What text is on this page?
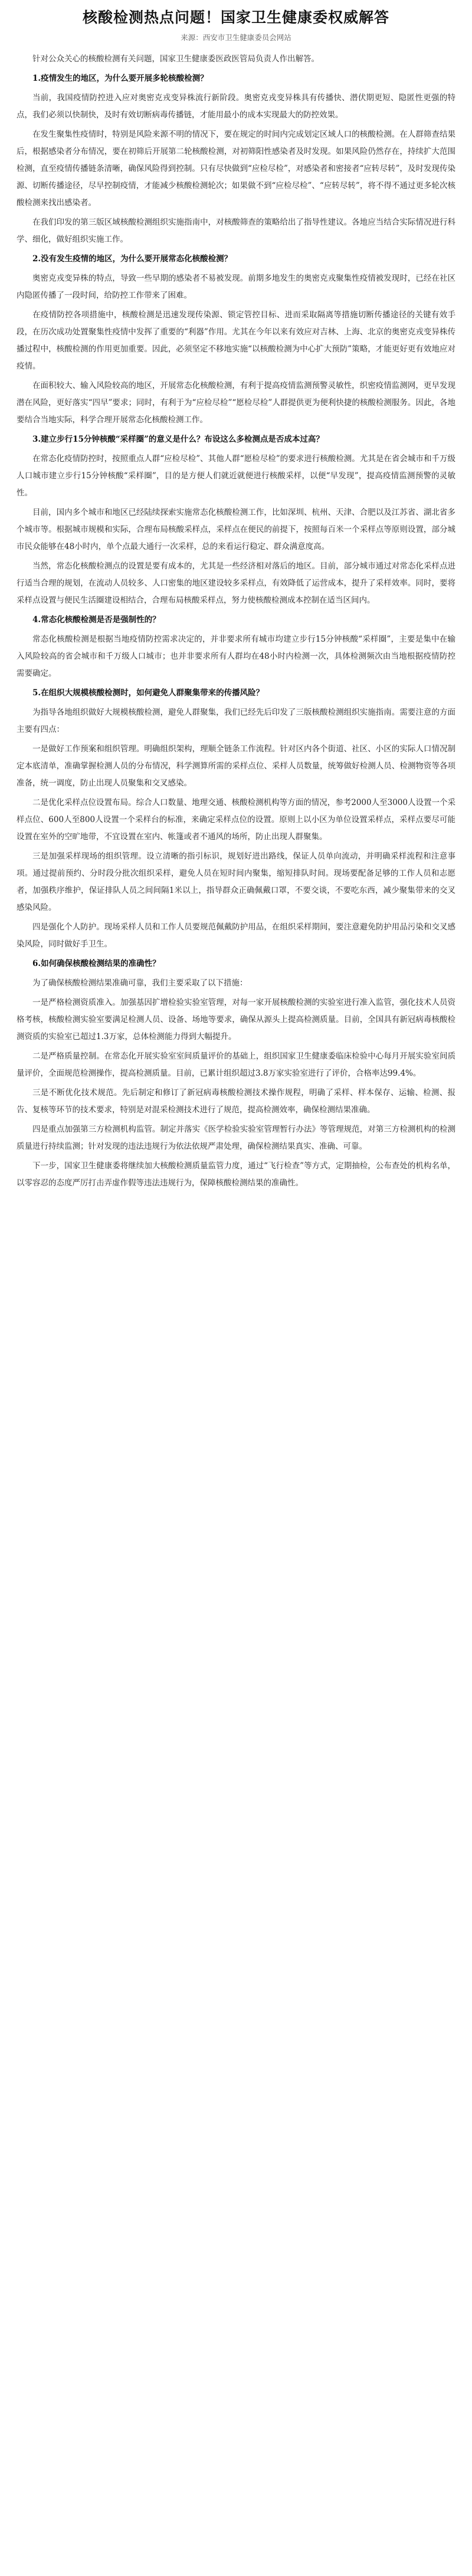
核酸检测热点问题！国家卫生健康委权威解答
来源：西安市卫生健康委员会网站

针对公众关心的核酸检测有关问题，国家卫生健康委医政医管局负责人作出解答。

1.疫情发生的地区，为什么要开展多轮核酸检测？

当前，我国疫情防控进入应对奥密克戎变异株流行新阶段。奥密克戎变异株具有传播快、潜伏期更短、隐匿性更强的特点，我们必须以快制快，及时有效切断病毒传播链，才能用最小的成本实现最大的防控效果。

在发生聚集性疫情时，特别是风险来源不明的情况下，要在规定的时间内完成划定区域人口的核酸检测。在人群筛查结果后，根据感染者分布情况，要在初筛后开展第二轮核酸检测，对初筛阳性感染者及时发现。如果风险仍然存在，持续扩大范围检测，直至疫情传播链条清晰，确保风险得到控制。只有尽快做到“应检尽检”，对感染者和密接者“应转尽转”，及时发现传染源、切断传播途径，尽早控制疫情，才能减少核酸检测轮次；如果做不到“应检尽检”、“应转尽转”，将不得不通过更多轮次核酸检测来找出感染者。

在我们印发的第三版区域核酸检测组织实施指南中，对核酸筛查的策略给出了指导性建议。各地应当结合实际情况进行科学、细化，做好组织实施工作。

2.没有发生疫情的地区，为什么要开展常态化核酸检测？

奥密克戎变异株的特点，导致一些早期的感染者不易被发现。前期多地发生的奥密克戎聚集性疫情被发现时，已经在社区内隐匿传播了一段时间，给防控工作带来了困难。

在疫情防控各项措施中，核酸检测是迅速发现传染源、锁定管控目标、进而采取隔离等措施切断传播途径的关键有效手段，在历次成功处置聚集性疫情中发挥了重要的“利器”作用。尤其在今年以来有效应对吉林、上海、北京的奥密克戎变异株传播过程中，核酸检测的作用更加重要。因此，必须坚定不移地实施“以核酸检测为中心扩大预防”策略，才能更好更有效地应对疫情。

在面积较大、输入风险较高的地区，开展常态化核酸检测，有利于提高疫情监测预警灵敏性，织密疫情监测网，更早发现潜在风险，更好落实“四早”要求；同时，有利于为“应检尽检”“愿检尽检”人群提供更为便利快捷的核酸检测服务。因此，各地要结合当地实际，科学合理开展常态化核酸检测工作。

3.建立步行15分钟核酸“采样圈”的意义是什么？布设这么多检测点是否成本过高？

在常态化疫情防控时，按照重点人群“应检尽检”、其他人群“愿检尽检”的要求进行核酸检测。尤其是在省会城市和千万级人口城市建立步行15分钟核酸“采样圈”，目的是方便人们就近就便进行核酸采样，以便“早发现”，提高疫情监测预警的灵敏性。

目前，国内多个城市和地区已经陆续探索实施常态化核酸检测工作，比如深圳、杭州、天津、合肥以及江苏省、湖北省多个城市等。根据城市规模和实际，合理布局核酸采样点，采样点在便民的前提下，按照每百米一个采样点等原则设置，部分城市民众能够在48小时内，单个点最大通行一次采样，总的来看运行稳定、群众满意度高。

当然，常态化核酸检测点的设置是要有成本的，尤其是一些经济相对落后的地区。目前，部分城市通过对常态化采样点进行适当合理的规划，在流动人员较多、人口密集的地区建设较多采样点，有效降低了运营成本，提升了采样效率。同时，要将采样点设置与便民生活圈建设相结合，合理布局核酸采样点，努力使核酸检测成本控制在适当区间内。

4.常态化核酸检测是否是强制性的？

常态化核酸检测是根据当地疫情防控需求决定的，并非要求所有城市均建立步行15分钟核酸“采样圈”，主要是集中在输入风险较高的省会城市和千万级人口城市；也并非要求所有人群均在48小时内检测一次，具体检测频次由当地根据疫情防控需要确定。

5.在组织大规模核酸检测时，如何避免人群聚集带来的传播风险？

为指导各地组织做好大规模核酸检测，避免人群聚集，我们已经先后印发了三版核酸检测组织实施指南。需要注意的方面主要有四点：

一是做好工作预案和组织管理。明确组织架构，理顺全链条工作流程。针对区内各个街道、社区、小区的实际人口情况制定本底清单，准确掌握检测人员的分布情况，科学测算所需的采样点位、采样人员数量，统筹做好检测人员、检测物资等各项准备，统一调度，防止出现人员聚集和交叉感染。

二是优化采样点位设置布局。综合人口数量、地理交通、核酸检测机构等方面的情况，参考2000人至3000人设置一个采样点位、600人至800人设置一个采样台的标准，来确定采样点位的设置。原则上以小区为单位设置采样点，采样点要尽可能设置在室外的空旷地带，不宜设置在室内、帐篷或者不通风的场所，防止出现人群聚集。

三是加强采样现场的组织管理。设立清晰的指引标识，规划好进出路线，保证人员单向流动，并明确采样流程和注意事项。通过提前预约、分时段分批次组织采样，避免人员在短时间内聚集，缩短排队时间。现场要配备足够的工作人员和志愿者，加强秩序维护，保证排队人员之间间隔1米以上，指导群众正确佩戴口罩，不要交谈，不要吃东西，减少聚集带来的交叉感染风险。

四是强化个人防护。现场采样人员和工作人员要规范佩戴防护用品，在组织采样期间，要注意避免防护用品污染和交叉感染风险，同时做好手卫生。

6.如何确保核酸检测结果的准确性？

为了确保核酸检测结果准确可靠，我们主要采取了以下措施：

一是严格检测资质准入。加强基因扩增检验实验室管理，对每一家开展核酸检测的实验室进行准入监管，强化技术人员资格考核，核酸检测实验室要满足检测人员、设备、场地等要求，确保从源头上提高检测质量。目前，全国具有新冠病毒核酸检测资质的实验室已超过1.3万家，总体检测能力得到大幅提升。

二是严格质量控制。在常态化开展实验室室间质量评价的基础上，组织国家卫生健康委临床检验中心每月开展实验室间质量评价，全面规范检测操作，提高检测质量。目前，已累计组织超过3.8万家实验室进行了评价，合格率达99.4%。

三是不断优化技术规范。先后制定和修订了新冠病毒核酸检测技术操作规程，明确了采样、样本保存、运输、检测、报告、复核等环节的技术要求，特别是对混采检测技术进行了规范，提高检测效率，确保检测结果准确。

四是重点加强第三方检测机构监管。制定并落实《医学检验实验室管理暂行办法》等管理规范，对第三方检测机构的检测质量进行持续监测；针对发现的违法违规行为依法依规严肃处理，确保检测结果真实、准确、可靠。

下一步，国家卫生健康委将继续加大核酸检测质量监管力度，通过“飞行检查”等方式，定期抽检，公布查处的机构名单，以零容忍的态度严厉打击弄虚作假等违法违规行为，保障核酸检测结果的准确性。
